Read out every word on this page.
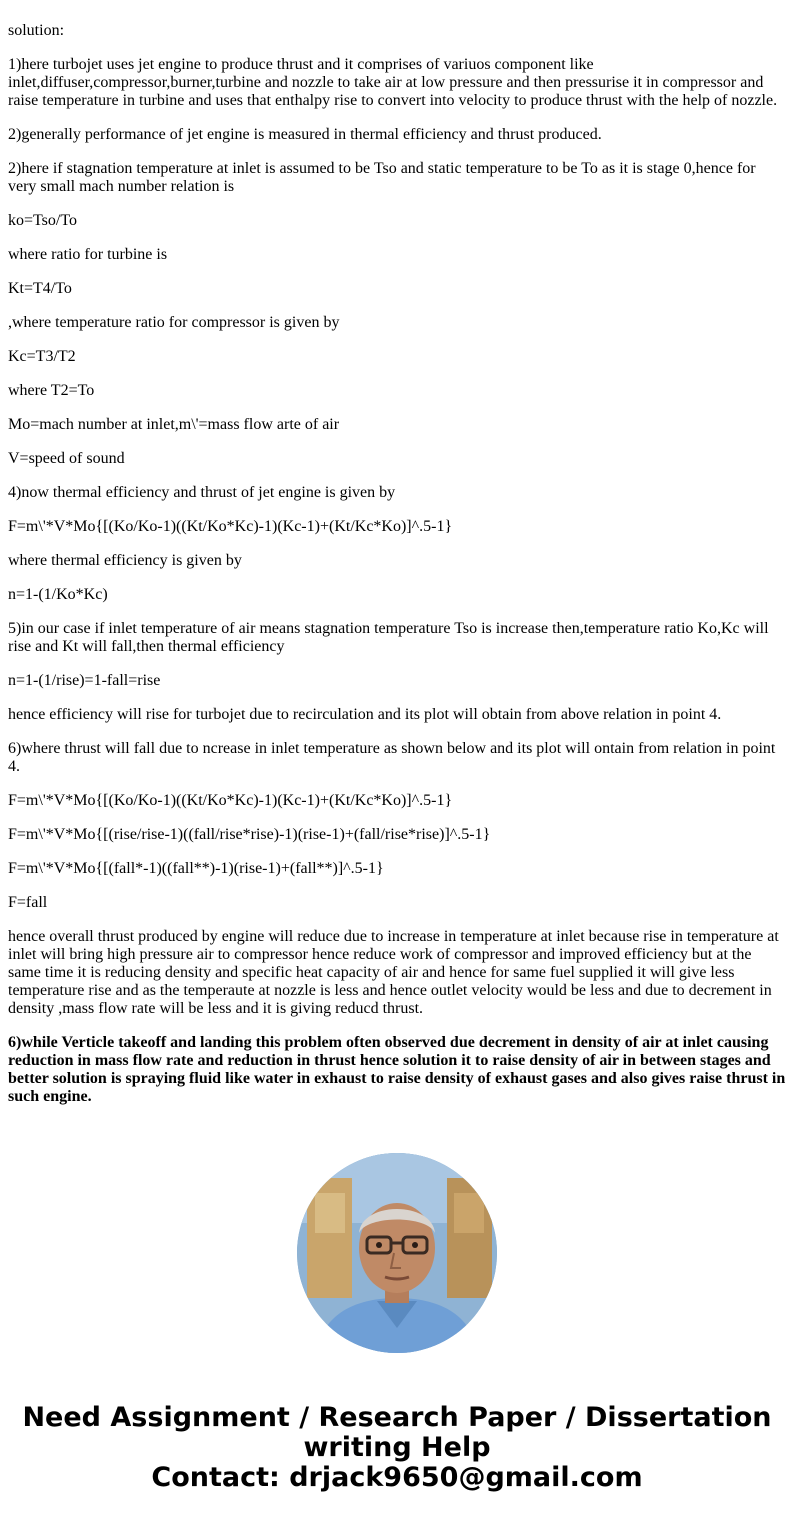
solution:

1)here turbojet uses jet engine to produce thrust and it comprises of variuos component like inlet,diffuser,compressor,burner,turbine and nozzle to take air at low pressure and then pressurise it in compressor and raise temperature in turbine and uses that enthalpy rise to convert into velocity to produce thrust with the help of nozzle.

2)generally performance of jet engine is measured in thermal efficiency and thrust produced.

2)here if stagnation temperature at inlet is assumed to be Tso and static temperature to be To as it is stage 0,hence for very small mach number relation is

ko=Tso/To

where ratio for turbine is

Kt=T4/To

,where temperature ratio for compressor is given by

Kc=T3/T2

where T2=To

Mo=mach number at inlet,m\'=mass flow arte of air

V=speed of sound

4)now thermal efficiency and thrust of jet engine is given by

F=m\'*V*Mo{[(Ko/Ko-1)((Kt/Ko*Kc)-1)(Kc-1)+(Kt/Kc*Ko)]^.5-1}

where thermal efficiency is given by

n=1-(1/Ko*Kc)

5)in our case if inlet temperature of air means stagnation temperature Tso is increase then,temperature ratio Ko,Kc will rise and Kt will fall,then thermal efficiency

n=1-(1/rise)=1-fall=rise

hence efficiency will rise for turbojet due to recirculation and its plot will obtain from above relation in point 4.

6)where thrust will fall due to ncrease in inlet temperature as shown below and its plot will ontain from relation in point 4.

F=m\'*V*Mo{[(Ko/Ko-1)((Kt/Ko*Kc)-1)(Kc-1)+(Kt/Kc*Ko)]^.5-1}

F=m\'*V*Mo{[(rise/rise-1)((fall/rise*rise)-1)(rise-1)+(fall/rise*rise)]^.5-1}

F=m\'*V*Mo{[(fall*-1)((fall**)-1)(rise-1)+(fall**)]^.5-1}

F=fall

hence overall thrust produced by engine will reduce due to increase in temperature at inlet because rise in temperature at inlet will bring high pressure air to compressor hence reduce work of compressor and improved efficiency but at the same time it is reducing density and specific heat capacity of air and hence for same fuel supplied it will give less temperature rise and as the temperaute at nozzle is less and hence outlet velocity would be less and due to decrement in density ,mass flow rate will be less and it is giving reducd thrust.

6)while Verticle takeoff and landing this problem often observed due decrement in density of air at inlet causing reduction in mass flow rate and reduction in thrust hence solution it to raise density of air in between stages and better solution is spraying fluid like water in exhaust to raise density of exhaust gases and also gives raise thrust in such engine.

Need Assignment / Research Paper / Dissertation
writing Help
Contact: drjack9650@gmail.com
